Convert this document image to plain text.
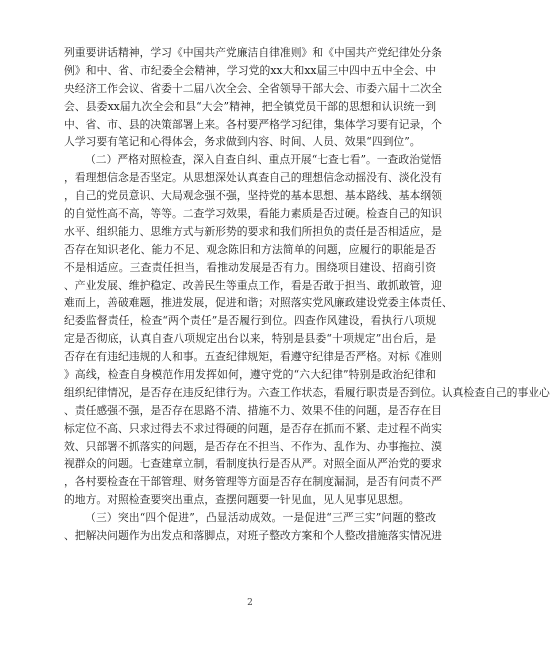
列重要讲话精神，学习《中国共产党廉洁自律准则》和《中国共产党纪律处分条
例》和中、省、市纪委全会精神，学习党的xx大和xx届三中四中五中全会、中
央经济工作会议、省委十二届八次全会、全省领导干部大会、市委六届十二次全
会、县委xx届九次全会和县“大会”精神，把全镇党员干部的思想和认识统一到
中、省、市、县的决策部署上来。各村要严格学习纪律，集体学习要有记录，个
人学习要有笔记和心得体会，务求做到内容、时间、人员、效果“四到位”。
（二）严格对照检查，深入自查自纠、重点开展“七查七看”。一查政治觉悟
，看理想信念是否坚定。从思想深处认真查自己的理想信念动摇没有、淡化没有
，自己的党员意识、大局观念强不强，坚持党的基本思想、基本路线、基本纲领
的自觉性高不高，等等。二查学习效果，看能力素质是否过硬。检查自己的知识
水平、组织能力、思维方式与新形势的要求和我们所担负的责任是否相适应，是
否存在知识老化、能力不足、观念陈旧和方法简单的问题，应履行的职能是否
不是相适应。三查责任担当，看推动发展是否有力。围绕项目建设、招商引资
、产业发展、维护稳定、改善民生等重点工作，看是否敢于担当、敢抓敢管，迎
难而上，善破难题，推进发展，促进和谐；对照落实党风廉政建设党委主体责任、
纪委监督责任，检查“两个责任”是否履行到位。四查作风建设，看执行八项规
定是否彻底，认真自查八项规定出台以来，特别是县委“十项规定”出台后，是
否存在有违纪违规的人和事。五查纪律规矩，看遵守纪律是否严格。对标《准则
》高线，检查自身模范作用发挥如何，遵守党的“六大纪律”特别是政治纪律和
组织纪律情况，是否存在违反纪律行为。六查工作状态，看履行职责是否到位。认真检查自己的事业心
、责任感强不强，是否存在思路不清、措施不力、效果不佳的问题，是否存在目
标定位不高、只求过得去不求过得硬的问题，是否存在抓而不紧、走过程不尚实
效、只部署不抓落实的问题，是否存在不担当、不作为、乱作为、办事拖拉、漠
视群众的问题。七查建章立制，看制度执行是否从严。对照全面从严治党的要求
，各村要检查在干部管理、财务管理等方面是否存在制度漏洞，是否有问责不严
的地方。对照检查要突出重点，查摆问题要一针见血，见人见事见思想。
（三）突出“四个促进”，凸显活动成效。一是促进“三严三实”问题的整改
、把解决问题作为出发点和落脚点，对班子整改方案和个人整改措施落实情况进
2
